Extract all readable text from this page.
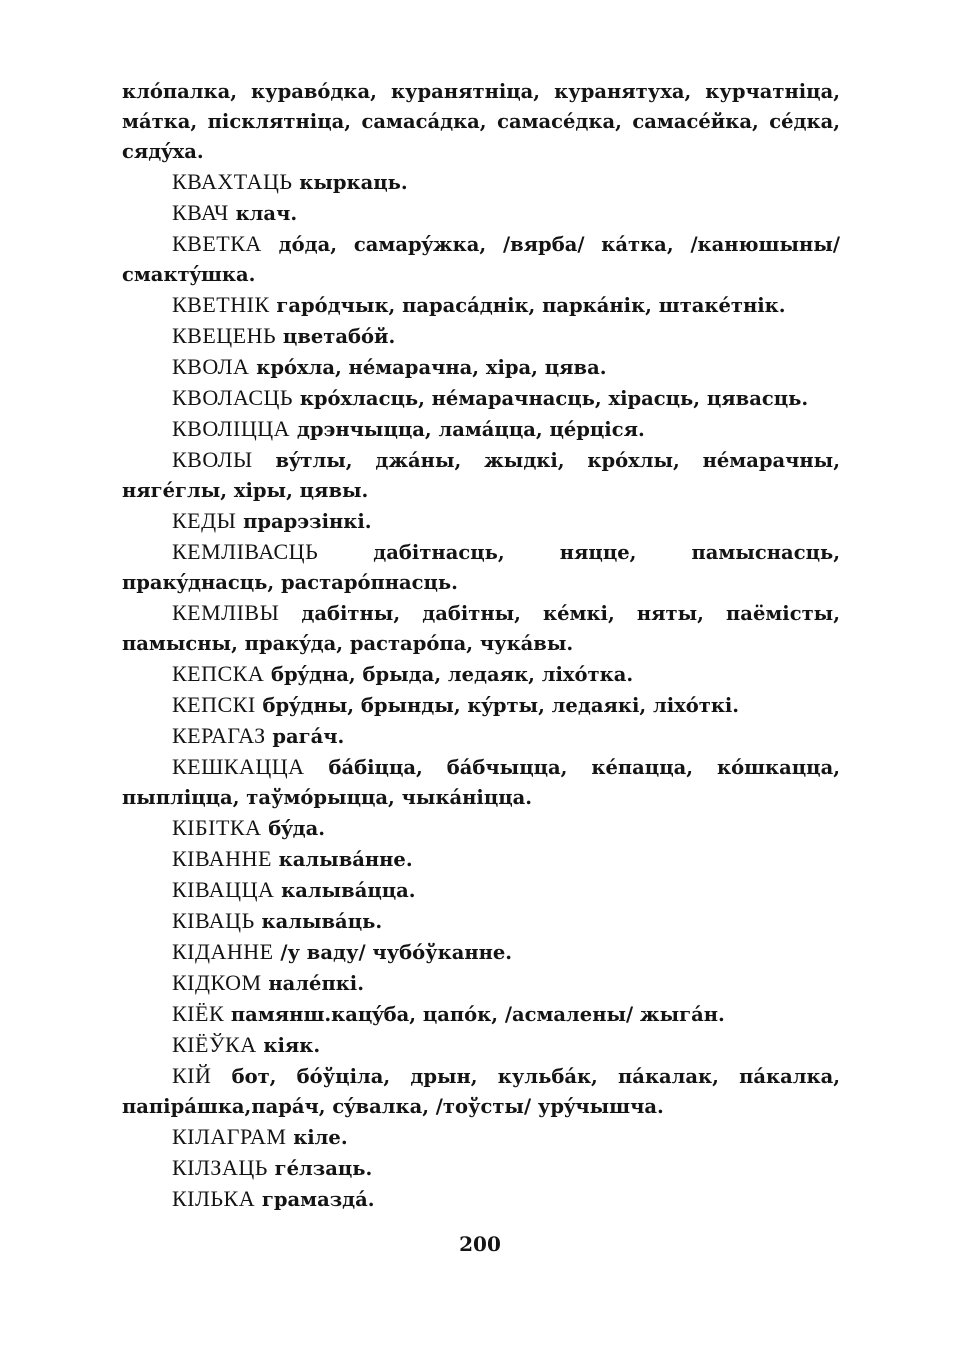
клóпалка, куравóдка, куранятніца, куранятуха, курчатніца, мáтка, пісклятніца, самасáдка, самасéдка, самасéйка, сéдка, сядýха.

КВАХТАЦЬ кыркаць.

КВАЧ клач.

КВЕТКА дóда, самарýжка, /вярба/ кáтка, /канюшыны/ смактýшка.

КВЕТНІК гарóдчык, парасáднік, паркáнік, штакéтнік.

КВЕЦЕНЬ цветабóй.

КВОЛА крóхла, нéмарачна, хіра, цява.

КВОЛАСЦЬ крóхласць, нéмарачнасць, хірасць, цявасць.

КВОЛІЦЦА дрэнчыцца, ламáцца, цéрціся.

КВОЛЫ вýтлы, джáны, жыдкі, крóхлы, нéмарачны, нягéглы, хіры, цявы.

КЕДЫ прарэзінкі.

КЕМЛІВАСЦЬ дабітнасць, няцце, памыснасць, пракýднасць, растарóпнасць.

КЕМЛІВЫ дабітны, дабітны, кéмкі, няты, паёмісты, памысны, пракýда, растарóпа, чукáвы.

КЕПСКА брýдна, брыда, ледаяк, ліхóтка.

КЕПСКІ брýдны, брынды, кýрты, ледаякі, ліхóткі.

КЕРАГАЗ рагáч.

КЕШКАЦЦА бáбіцца, бáбчыцца, кéпацца, кóшкацца, пыпліцца, таўмóрыцца, чыкáніцца.

КІБІТКА бýда.

КІВАННЕ калывáнне.

КІВАЦЦА калывáцца.

КІВАЦЬ калывáць.

КІДАННЕ /у ваду/ чубóўканне.

КІДКОМ налéпкі.

КІЁК памянш.кацýба, цапóк, /асмалены/ жыгáн.

КІЁЎКА кіяк.

КІЙ бот, бóўціла, дрын, кульбáк, пáкалак, пáкалка, папірáшка,парáч, сýвалка, /тоўсты/ урýчышча.

КІЛАГРАМ кіле.

КІЛЗАЦЬ гéлзаць.

КІЛЬКА грамаздá.

200
